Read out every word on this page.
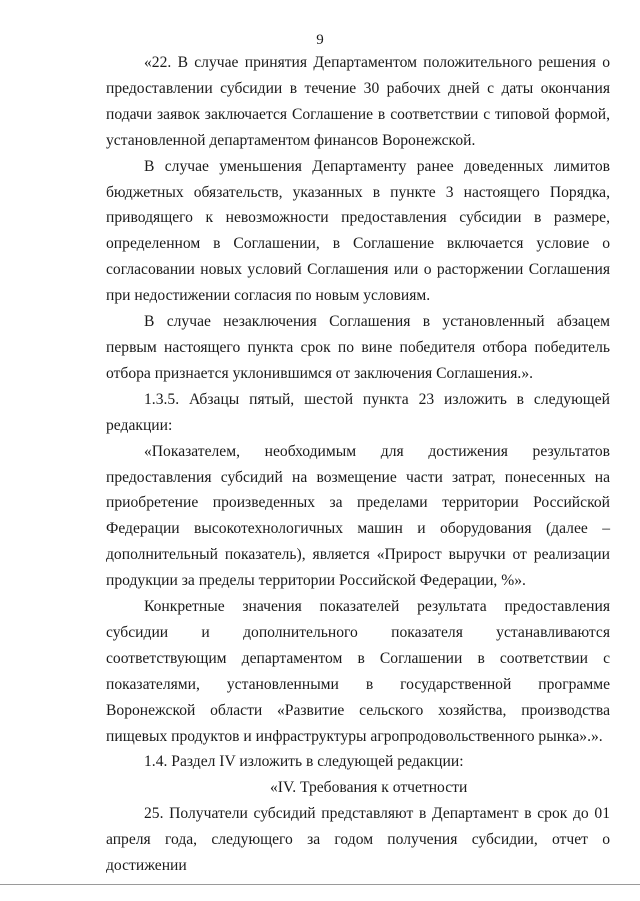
9

«22. В случае принятия Департаментом положительного решения о предоставлении субсидии в течение 30 рабочих дней с даты окончания подачи заявок заключается Соглашение в соответствии с типовой формой, установленной департаментом финансов Воронежской.

В случае уменьшения Департаменту ранее доведенных лимитов бюджетных обязательств, указанных в пункте 3 настоящего Порядка, приводящего к невозможности предоставления субсидии в размере, определенном в Соглашении, в Соглашение включается условие о согласовании новых условий Соглашения или о расторжении Соглашения при недостижении согласия по новым условиям.

В случае незаключения Соглашения в установленный абзацем первым настоящего пункта срок по вине победителя отбора победитель отбора признается уклонившимся от заключения Соглашения.».

1.3.5. Абзацы пятый, шестой пункта 23 изложить в следующей редакции:

«Показателем, необходимым для достижения результатов предоставления субсидий на возмещение части затрат, понесенных на приобретение произведенных за пределами территории Российской Федерации высокотехнологичных машин и оборудования (далее – дополнительный показатель), является «Прирост выручки от реализации продукции за пределы территории Российской Федерации, %».

Конкретные значения показателей результата предоставления субсидии и дополнительного показателя устанавливаются соответствующим департаментом в Соглашении в соответствии с показателями, установленными в государственной программе Воронежской области «Развитие сельского хозяйства, производства пищевых продуктов и инфраструктуры агропродовольственного рынка».».

1.4. Раздел IV изложить в следующей редакции:

«IV. Требования к отчетности

25. Получатели субсидий представляют в Департамент в срок до 01 апреля года, следующего за годом получения субсидии, отчет о достижении
